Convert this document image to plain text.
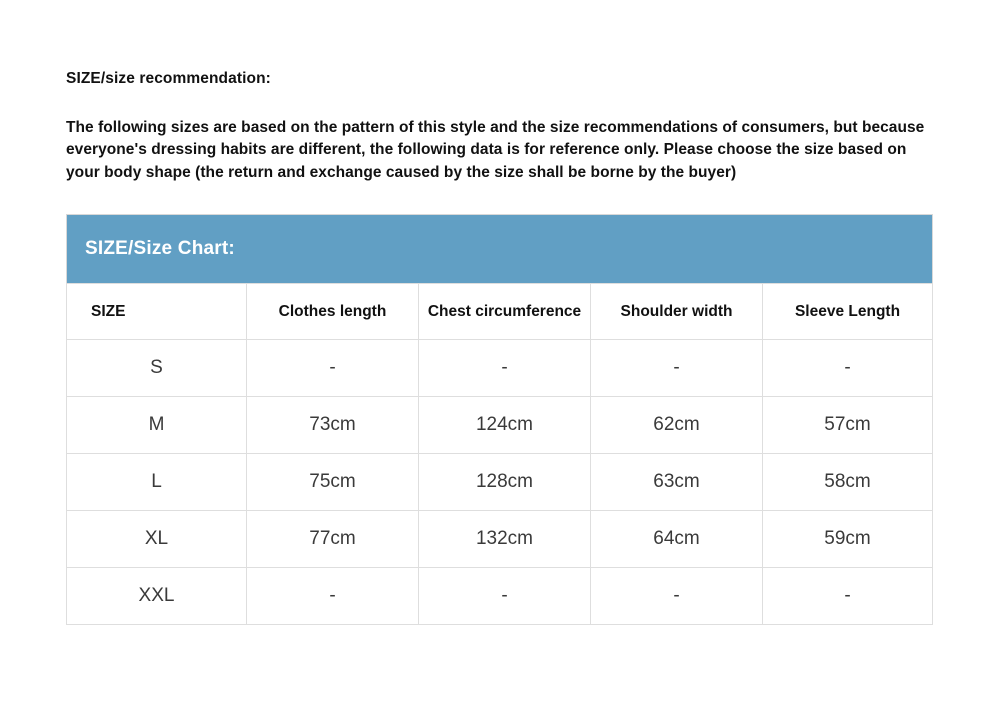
SIZE/size recommendation:
The following sizes are based on the pattern of this style and the size recommendations of consumers, but because everyone's dressing habits are different, the following data is for reference only. Please choose the size based on your body shape (the return and exchange caused by the size shall be borne by the buyer)
SIZE/Size Chart:				
SIZE	Clothes length	Chest circumference	Shoulder width	Sleeve Length
S	-	-	-	-
M	73cm	124cm	62cm	57cm
L	75cm	128cm	63cm	58cm
XL	77cm	132cm	64cm	59cm
XXL	-	-	-	-
